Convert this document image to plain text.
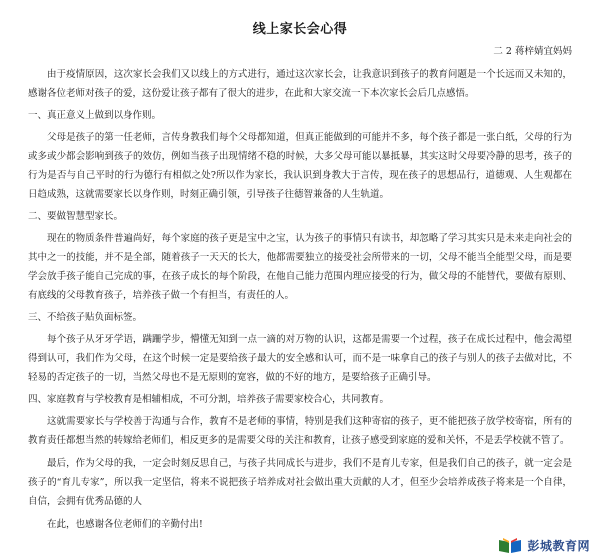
线上家长会心得
二 2 蒋梓婧宜妈妈

由于疫情原因，这次家长会我们又以线上的方式进行，通过这次家长会，让我意识到孩子的教育问题是一个长远而又未知的，感谢各位老师对孩子的爱，这份爱让孩子都有了很大的进步，在此和大家交流一下本次家长会后几点感悟。

一、真正意义上做到以身作则。

父母是孩子的第一任老师，言传身教我们每个父母都知道，但真正能做到的可能并不多，每个孩子都是一张白纸，父母的行为或多或少都会影响到孩子的效仿，例如当孩子出现情绪不稳的时候，大多父母可能以暴抵暴，其实这时父母要冷静的思考，孩子的行为是否与自己平时的行为德行有相似之处?所以作为家长，我认识到身教大于言传，现在孩子的思想品行，道德观、人生观都在日趋成熟，这就需要家长以身作则，时刻正确引领，引导孩子往德智兼备的人生轨道。

二、要做智慧型家长。

现在的物质条件普遍尚好，每个家庭的孩子更是宝中之宝，认为孩子的事情只有读书，却忽略了学习其实只是未来走向社会的其中之一的技能，并不是全部，随着孩子一天天的长大，他都需要独立的接受社会所带来的一切，父母不能当全能型父母，而是要学会放手孩子能自己完成的事，在孩子成长的每个阶段，在他自己能力范围内理应接受的行为，做父母的不能替代，要做有原则、有底线的父母教育孩子，培养孩子做一个有担当，有责任的人。

三、不给孩子贴负面标签。

每个孩子从牙牙学语，蹒跚学步，懵懂无知到一点一滴的对万物的认识，这都是需要一个过程，孩子在成长过程中，他会渴望得到认可，我们作为父母，在这个时候一定是要给孩子最大的安全感和认可，而不是一味拿自己的孩子与别人的孩子去做对比，不轻易的否定孩子的一切，当然父母也不是无原则的宽容，做的不好的地方，是要给孩子正确引导。

四、家庭教育与学校教育是相辅相成，不可分割，培养孩子需要家校合心，共同教育。

这就需要家长与学校善于沟通与合作，教育不是老师的事情，特别是我们这种寄宿的孩子，更不能把孩子放学校寄宿，所有的教育责任都想当然的转嫁给老师们，相反更多的是需要父母的关注和教育，让孩子感受到家庭的爱和关怀，不是丢学校就不管了。

最后，作为父母的我，一定会时刻反思自己，与孩子共同成长与进步，我们不是育儿专家，但是我们自己的孩子，就一定会是孩子的“育儿专家”，所以我一定坚信，将来不说把孩子培养成对社会做出重大贡献的人才，但至少会培养成孩子将来是一个自律，自信，会拥有优秀品德的人

在此，也感谢各位老师们的辛勤付出!

彭城教育网
